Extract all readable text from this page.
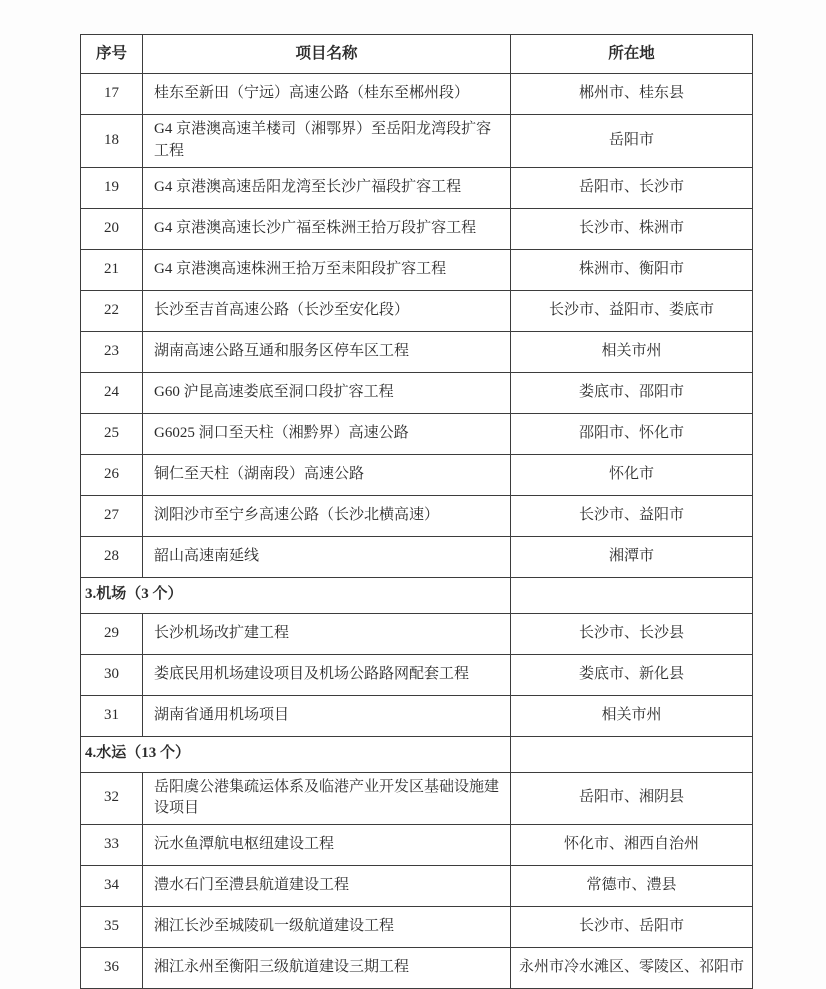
序号	项目名称	所在地
17	桂东至新田（宁远）高速公路（桂东至郴州段）	郴州市、桂东县
18	G4 京港澳高速羊楼司（湘鄂界）至岳阳龙湾段扩容工程	岳阳市
19	G4 京港澳高速岳阳龙湾至长沙广福段扩容工程	岳阳市、长沙市
20	G4 京港澳高速长沙广福至株洲王拾万段扩容工程	长沙市、株洲市
21	G4 京港澳高速株洲王拾万至耒阳段扩容工程	株洲市、衡阳市
22	长沙至吉首高速公路（长沙至安化段）	长沙市、益阳市、娄底市
23	湖南高速公路互通和服务区停车区工程	相关市州
24	G60 沪昆高速娄底至洞口段扩容工程	娄底市、邵阳市
25	G6025 洞口至天柱（湘黔界）高速公路	邵阳市、怀化市
26	铜仁至天柱（湖南段）高速公路	怀化市
27	浏阳沙市至宁乡高速公路（长沙北横高速）	长沙市、益阳市
28	韶山高速南延线	湘潭市
3.机场（3 个）		
29	长沙机场改扩建工程	长沙市、长沙县
30	娄底民用机场建设项目及机场公路路网配套工程	娄底市、新化县
31	湖南省通用机场项目	相关市州
4.水运（13 个）		
32	岳阳虞公港集疏运体系及临港产业开发区基础设施建设项目	岳阳市、湘阴县
33	沅水鱼潭航电枢纽建设工程	怀化市、湘西自治州
34	澧水石门至澧县航道建设工程	常德市、澧县
35	湘江长沙至城陵矶一级航道建设工程	长沙市、岳阳市
36	湘江永州至衡阳三级航道建设三期工程	永州市冷水滩区、零陵区、祁阳市
